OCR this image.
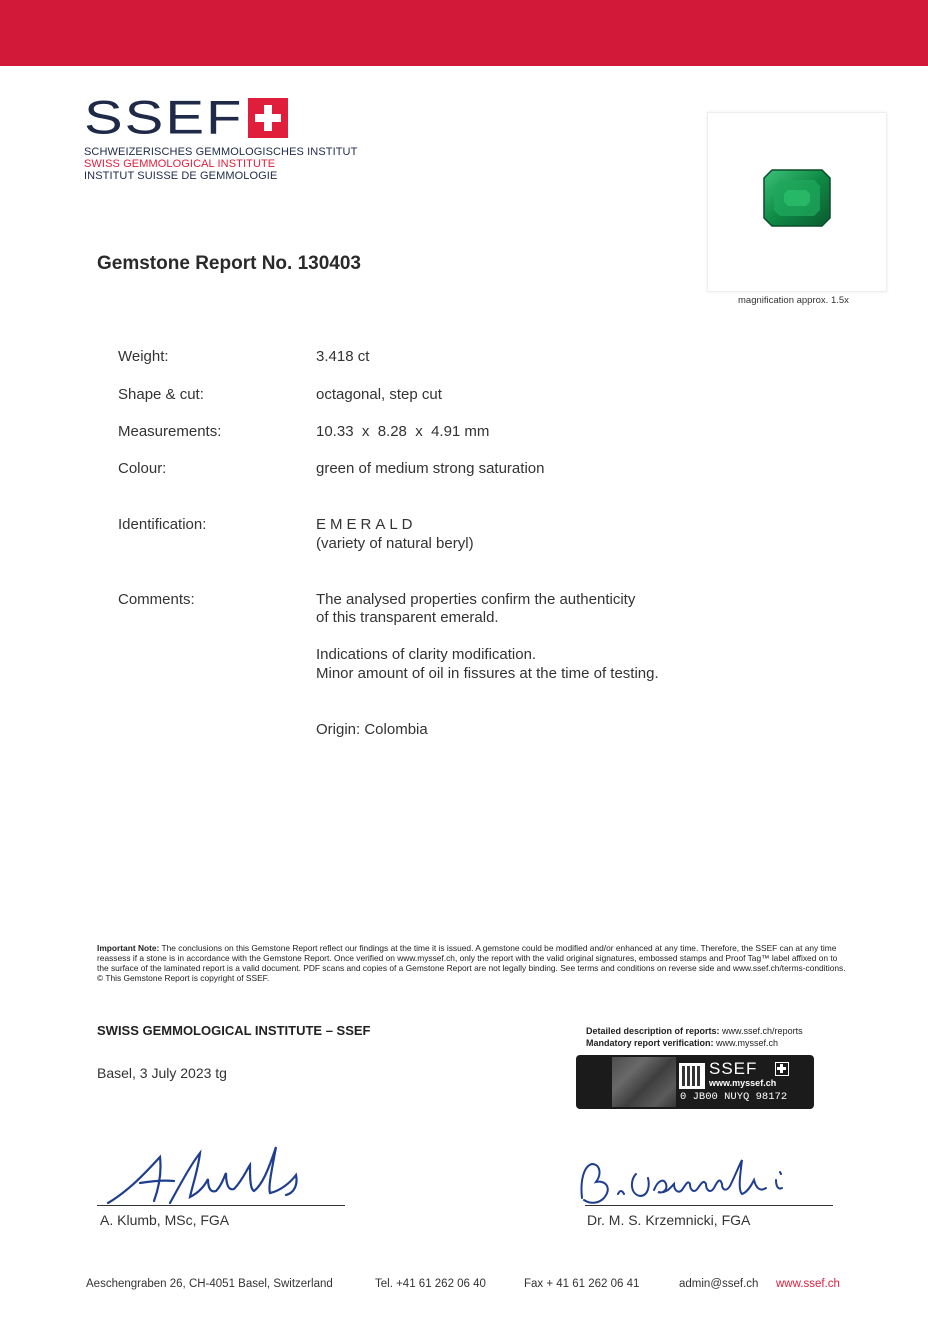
SSEF
SCHWEIZERISCHES GEMMOLOGISCHES INSTITUT
SWISS GEMMOLOGICAL INSTITUTE
INSTITUT SUISSE DE GEMMOLOGIE
magnification approx. 1.5x
Gemstone Report No. 130403
Weight:	3.418 ct
Shape & cut:	octagonal, step cut
Measurements:	10.33  x  8.28  x  4.91 mm
Colour:	green of medium strong saturation
Identification:	EMERALD
(variety of natural beryl)
Comments:	The analysed properties confirm the authenticity
of this transparent emerald.
Indications of clarity modification.
Minor amount of oil in fissures at the time of testing.
Origin: Colombia
Important Note: The conclusions on this Gemstone Report reflect our findings at the time it is issued. A gemstone could be modified and/or enhanced at any time. Therefore, the SSEF can at any time reassess if a stone is in accordance with the Gemstone Report. Once verified on www.myssef.ch, only the report with the valid original signatures, embossed stamps and Proof Tag™ label affixed on to the surface of the laminated report is a valid document. PDF scans and copies of a Gemstone Report are not legally binding. See terms and conditions on reverse side and www.ssef.ch/terms-conditions. © This Gemstone Report is copyright of SSEF.
SWISS GEMMOLOGICAL INSTITUTE – SSEF
Basel, 3 July 2023 tg
Detailed description of reports: www.ssef.ch/reports
Mandatory report verification: www.myssef.ch
SSEF
www.myssef.ch
0 JB00 NUYQ 98172
A. Klumb, MSc, FGA	Dr. M. S. Krzemnicki, FGA
Aeschengraben 26, CH-4051 Basel, Switzerland	Tel. +41 61 262 06 40	Fax + 41 61 262 06 41	admin@ssef.ch www.ssef.ch
